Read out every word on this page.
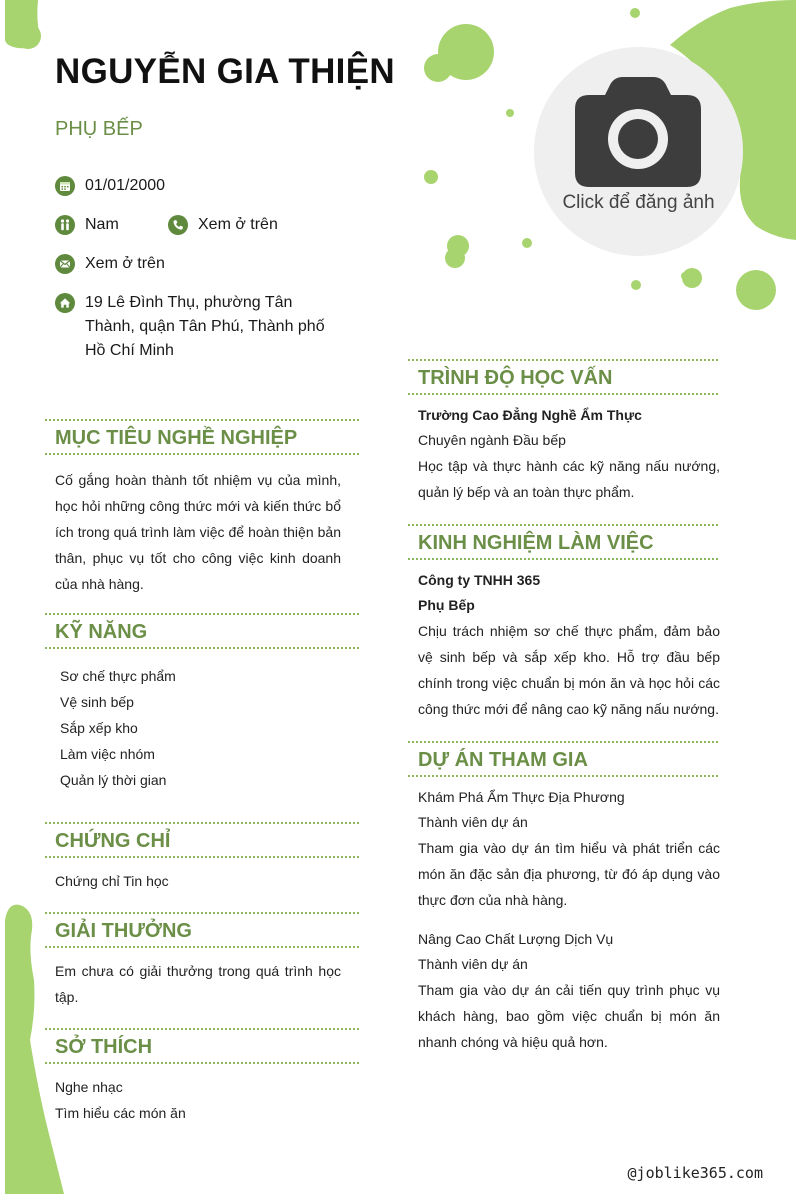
NGUYỄN GIA THIỆN
PHỤ BẾP
01/01/2000
Nam	Xem ở trên
Xem ở trên
19 Lê Đình Thụ, phường Tân Thành, quận Tân Phú, Thành phố Hồ Chí Minh
Click để đăng ảnh
MỤC TIÊU NGHỀ NGHIỆP
Cố gắng hoàn thành tốt nhiệm vụ của mình, học hỏi những công thức mới và kiến thức bổ ích trong quá trình làm việc để hoàn thiện bản thân, phục vụ tốt cho công việc kinh doanh của nhà hàng.
KỸ NĂNG
Sơ chế thực phẩm
Vệ sinh bếp
Sắp xếp kho
Làm việc nhóm
Quản lý thời gian
CHỨNG CHỈ
Chứng chỉ Tin học
GIẢI THƯỞNG
Em chưa có giải thưởng trong quá trình học tập.
SỞ THÍCH
Nghe nhạc
Tìm hiểu các món ăn
TRÌNH ĐỘ HỌC VẤN
Trường Cao Đẳng Nghề Ẩm Thực
Chuyên ngành Đầu bếp
Học tập và thực hành các kỹ năng nấu nướng, quản lý bếp và an toàn thực phẩm.
KINH NGHIỆM LÀM VIỆC
Công ty TNHH 365
Phụ Bếp
Chịu trách nhiệm sơ chế thực phẩm, đảm bảo vệ sinh bếp và sắp xếp kho. Hỗ trợ đầu bếp chính trong việc chuẩn bị món ăn và học hỏi các công thức mới để nâng cao kỹ năng nấu nướng.
DỰ ÁN THAM GIA
Khám Phá Ẩm Thực Địa Phương
Thành viên dự án
Tham gia vào dự án tìm hiểu và phát triển các món ăn đặc sản địa phương, từ đó áp dụng vào thực đơn của nhà hàng.
Nâng Cao Chất Lượng Dịch Vụ
Thành viên dự án
Tham gia vào dự án cải tiến quy trình phục vụ khách hàng, bao gồm việc chuẩn bị món ăn nhanh chóng và hiệu quả hơn.
@joblike365.com
